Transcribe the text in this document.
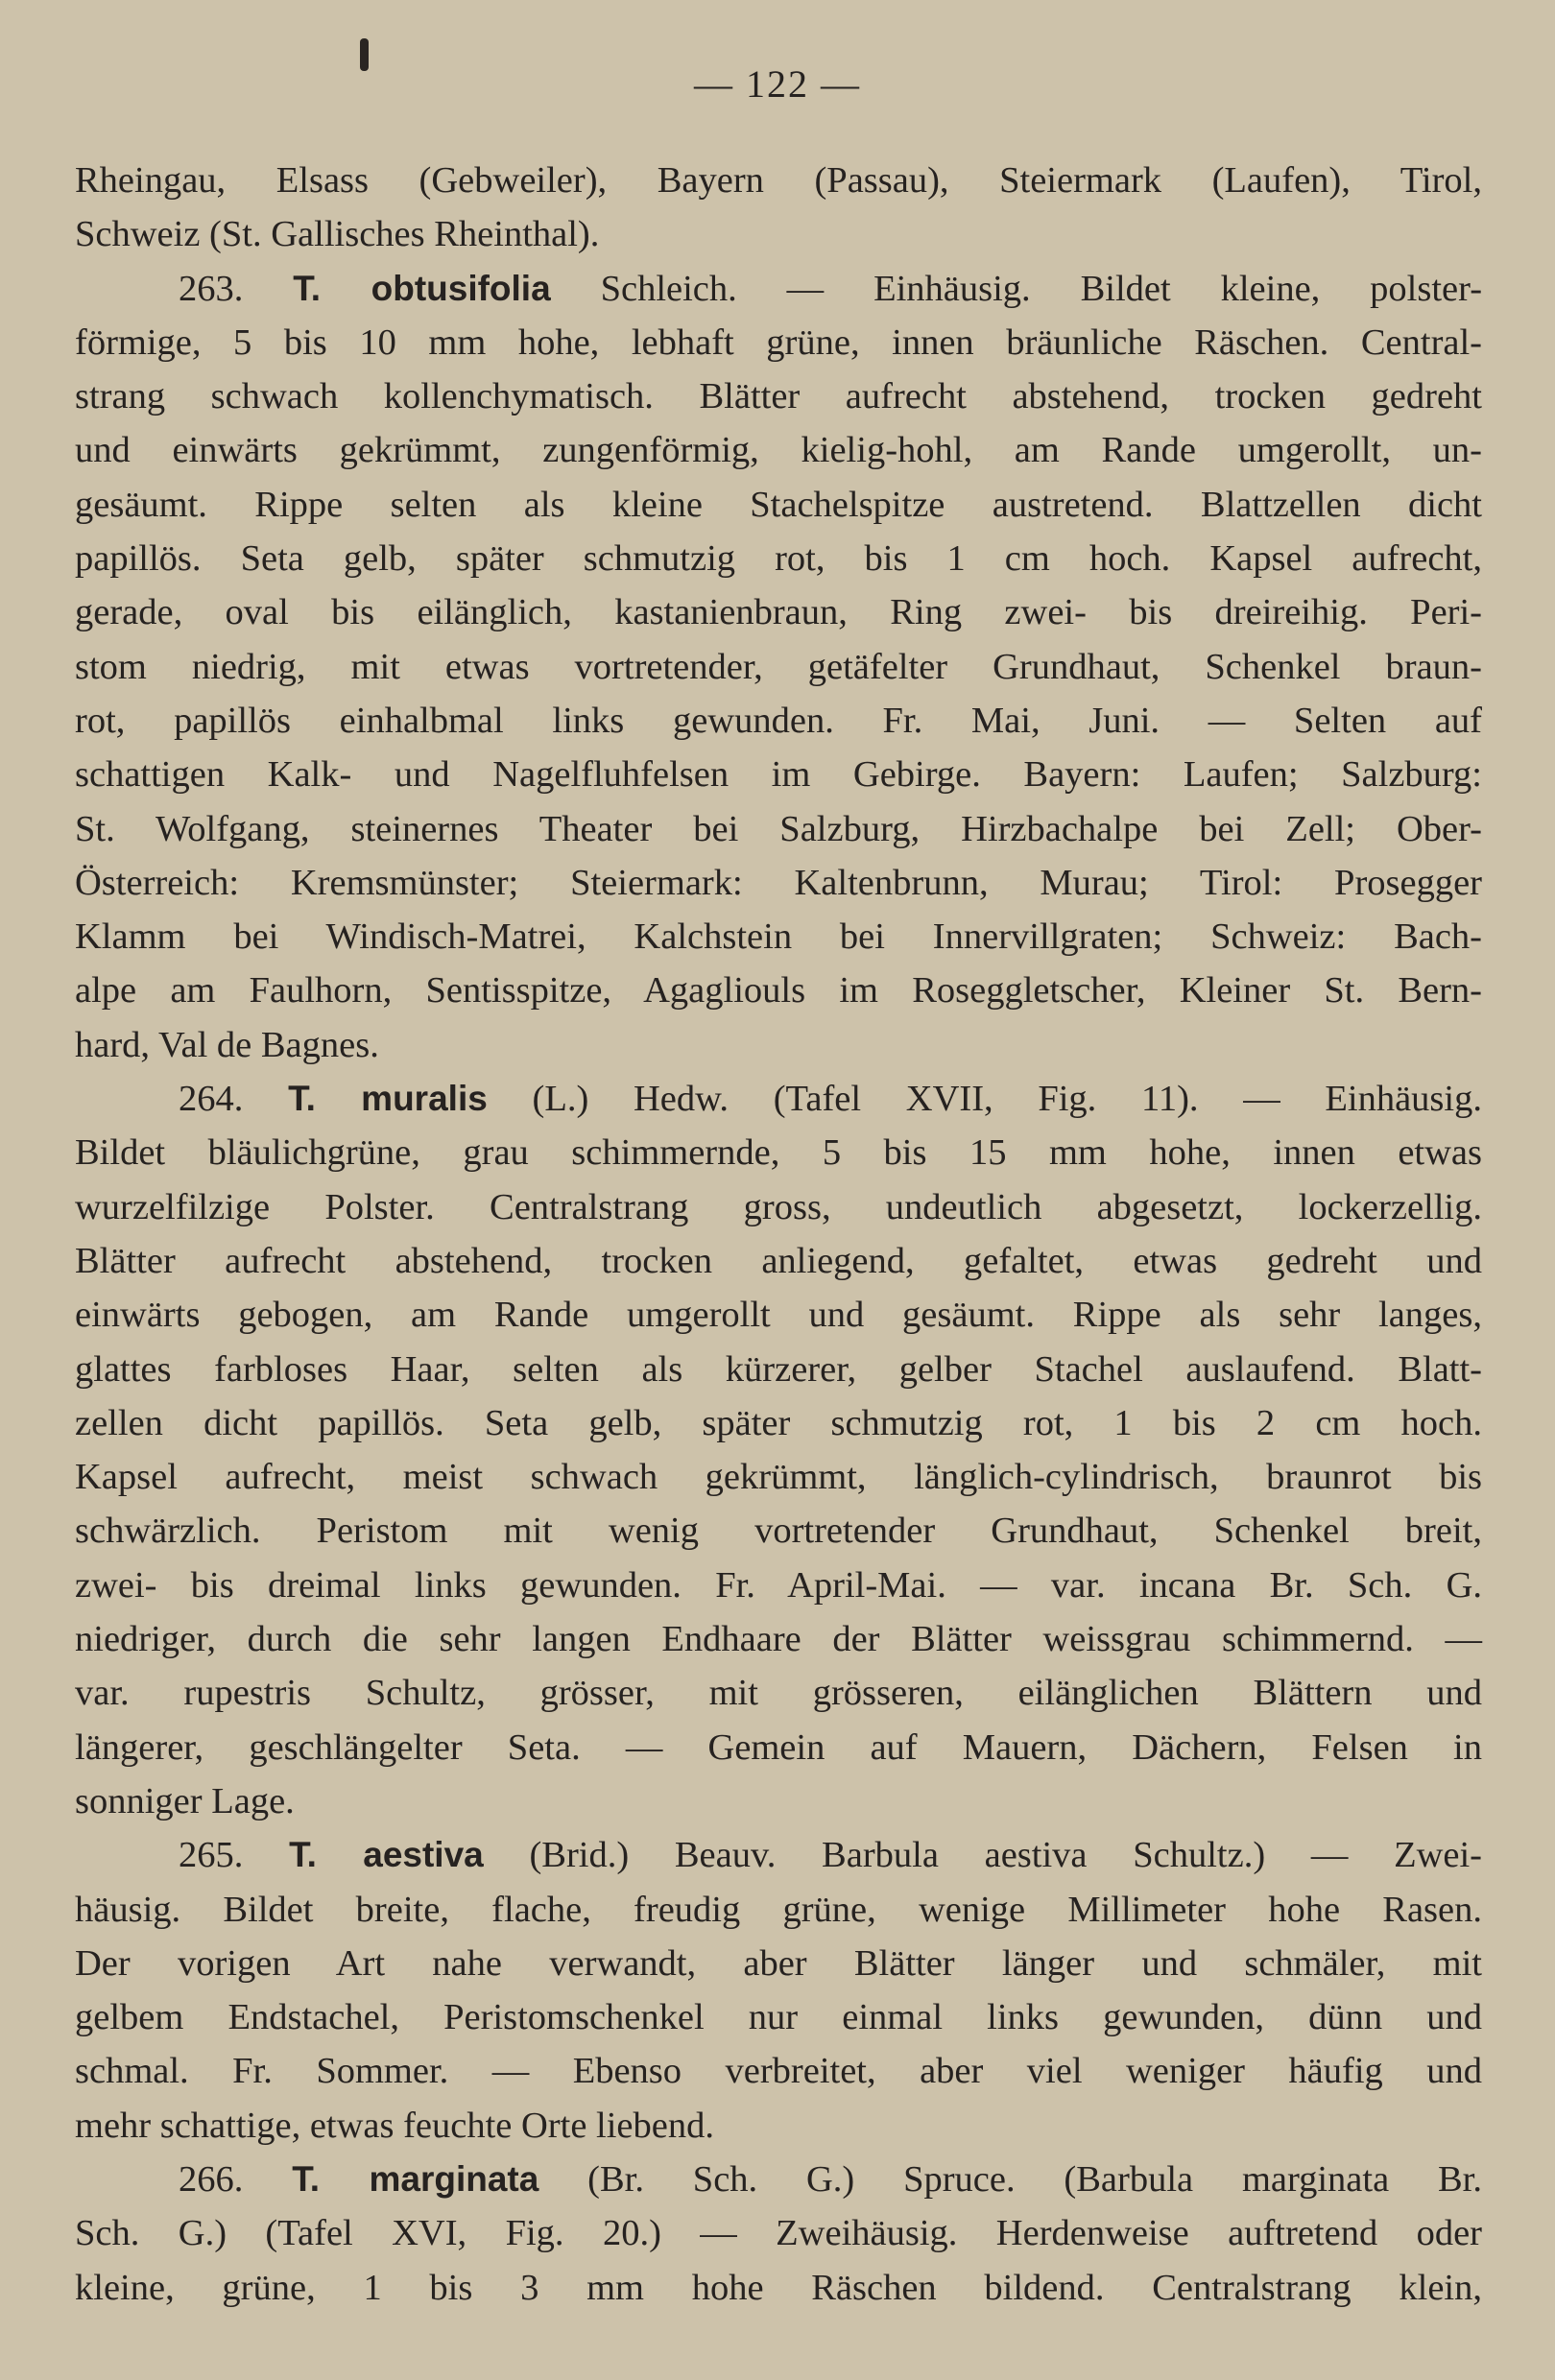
— 122 —
Rheingau, Elsass (Gebweiler), Bayern (Passau), Steiermark (Laufen), Tirol,
Schweiz (St. Gallisches Rheinthal).
263. T. obtusifolia Schleich. — Einhäusig. Bildet kleine, polster-
förmige, 5 bis 10 mm hohe, lebhaft grüne, innen bräunliche Räschen. Central-
strang schwach kollenchymatisch. Blätter aufrecht abstehend, trocken gedreht
und einwärts gekrümmt, zungenförmig, kielig-hohl, am Rande umgerollt, un-
gesäumt. Rippe selten als kleine Stachelspitze austretend. Blattzellen dicht
papillös. Seta gelb, später schmutzig rot, bis 1 cm hoch. Kapsel aufrecht,
gerade, oval bis eilänglich, kastanienbraun, Ring zwei- bis dreireihig. Peri-
stom niedrig, mit etwas vortretender, getäfelter Grundhaut, Schenkel braun-
rot, papillös einhalbmal links gewunden. Fr. Mai, Juni. — Selten auf
schattigen Kalk- und Nagelfluhfelsen im Gebirge. Bayern: Laufen; Salzburg:
St. Wolfgang, steinernes Theater bei Salzburg, Hirzbachalpe bei Zell; Ober-
Österreich: Kremsmünster; Steiermark: Kaltenbrunn, Murau; Tirol: Prosegger
Klamm bei Windisch-Matrei, Kalchstein bei Innervillgraten; Schweiz: Bach-
alpe am Faulhorn, Sentisspitze, Agagliouls im Roseggletscher, Kleiner St. Bern-
hard, Val de Bagnes.
264. T. muralis (L.) Hedw. (Tafel XVII, Fig. 11). — Einhäusig.
Bildet bläulichgrüne, grau schimmernde, 5 bis 15 mm hohe, innen etwas
wurzelfilzige Polster. Centralstrang gross, undeutlich abgesetzt, lockerzellig.
Blätter aufrecht abstehend, trocken anliegend, gefaltet, etwas gedreht und
einwärts gebogen, am Rande umgerollt und gesäumt. Rippe als sehr langes,
glattes farbloses Haar, selten als kürzerer, gelber Stachel auslaufend. Blatt-
zellen dicht papillös. Seta gelb, später schmutzig rot, 1 bis 2 cm hoch.
Kapsel aufrecht, meist schwach gekrümmt, länglich-cylindrisch, braunrot bis
schwärzlich. Peristom mit wenig vortretender Grundhaut, Schenkel breit,
zwei- bis dreimal links gewunden. Fr. April-Mai. — var. incana Br. Sch. G.
niedriger, durch die sehr langen Endhaare der Blätter weissgrau schimmernd. —
var. rupestris Schultz, grösser, mit grösseren, eilänglichen Blättern und
längerer, geschlängelter Seta. — Gemein auf Mauern, Dächern, Felsen in
sonniger Lage.
265. T. aestiva (Brid.) Beauv. Barbula aestiva Schultz.) — Zwei-
häusig. Bildet breite, flache, freudig grüne, wenige Millimeter hohe Rasen.
Der vorigen Art nahe verwandt, aber Blätter länger und schmäler, mit
gelbem Endstachel, Peristomschenkel nur einmal links gewunden, dünn und
schmal. Fr. Sommer. — Ebenso verbreitet, aber viel weniger häufig und
mehr schattige, etwas feuchte Orte liebend.
266. T. marginata (Br. Sch. G.) Spruce. (Barbula marginata Br.
Sch. G.) (Tafel XVI, Fig. 20.) — Zweihäusig. Herdenweise auftretend oder
kleine, grüne, 1 bis 3 mm hohe Räschen bildend. Centralstrang klein,
